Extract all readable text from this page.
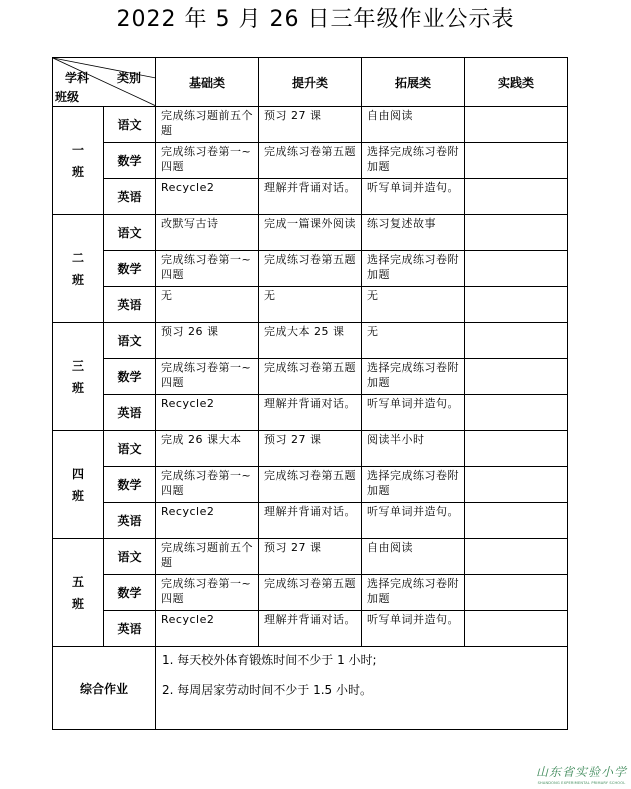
2022 年 5 月 26 日三年级作业公示表
学科 类别
班级		基础类	提升类	拓展类	实践类
一
班	语文	完成练习题前五个题	预习 27 课	自由阅读	
	数学	完成练习卷第一~四题	完成练习卷第五题	选择完成练习卷附加题	
	英语	Recycle2	理解并背诵对话。	听写单词并造句。	
二
班	语文	改默写古诗	完成一篇课外阅读	练习复述故事	
	数学	完成练习卷第一~四题	完成练习卷第五题	选择完成练习卷附加题	
	英语	无	无	无	
三
班	语文	预习 26 课	完成大本 25 课	无	
	数学	完成练习卷第一~四题	完成练习卷第五题	选择完成练习卷附加题	
	英语	Recycle2	理解并背诵对话。	听写单词并造句。	
四
班	语文	完成 26 课大本	预习 27 课	阅读半小时	
	数学	完成练习卷第一~四题	完成练习卷第五题	选择完成练习卷附加题	
	英语	Recycle2	理解并背诵对话。	听写单词并造句。	
五
班	语文	完成练习题前五个题	预习 27 课	自由阅读	
	数学	完成练习卷第一~四题	完成练习卷第五题	选择完成练习卷附加题	
	英语	Recycle2	理解并背诵对话。	听写单词并造句。	
综合作业		1. 每天校外体育锻炼时间不少于 1 小时;

2. 每周居家劳动时间不少于 1.5 小时。			

山东省实验小学
SHANDONG EXPERIMENTAL PRIMARY SCHOOL
